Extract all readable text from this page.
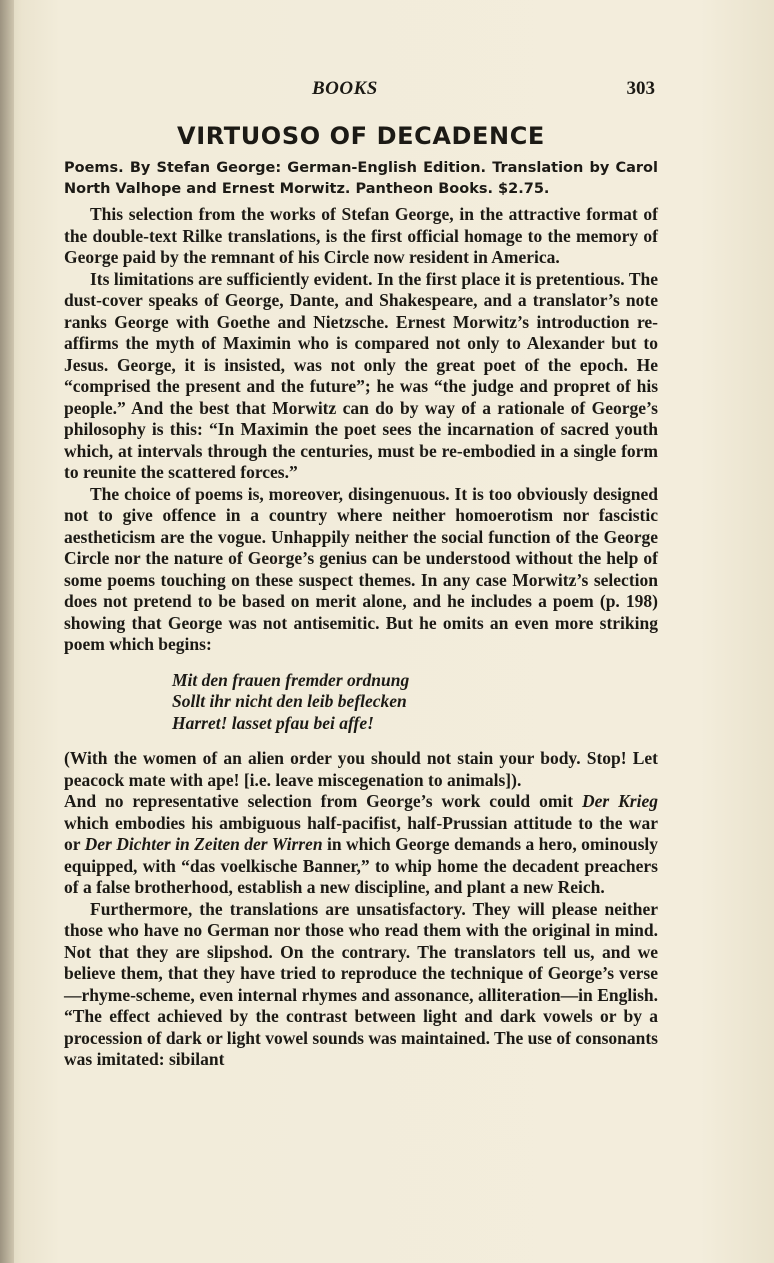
BOOKS	303
VIRTUOSO OF DECADENCE

Poems. By Stefan George: German-English Edition. Translation by Carol North Valhope and Ernest Morwitz. Pantheon Books. $2.75.

This selection from the works of Stefan George, in the attractive format of the double-text Rilke translations, is the first official homage to the memory of George paid by the remnant of his Circle now resident in America.

Its limitations are sufficiently evident. In the first place it is pretentious. The dust-cover speaks of George, Dante, and Shakespeare, and a translator’s note ranks George with Goethe and Nietzsche. Ernest Morwitz’s introduction re-affirms the myth of Maximin who is compared not only to Alexander but to Jesus. George, it is insisted, was not only the great poet of the epoch. He “comprised the present and the future”; he was “the judge and propret of his people.” And the best that Morwitz can do by way of a rationale of George’s philosophy is this: “In Maximin the poet sees the incarnation of sacred youth which, at intervals through the centuries, must be re-embodied in a single form to reunite the scattered forces.”

The choice of poems is, moreover, disingenuous. It is too obviously designed not to give offence in a country where neither homoerotism nor fascistic aestheticism are the vogue. Unhappily neither the social function of the George Circle nor the nature of George’s genius can be understood without the help of some poems touching on these suspect themes. In any case Morwitz’s selection does not pretend to be based on merit alone, and he includes a poem (p. 198) showing that George was not antisemitic. But he omits an even more striking poem which begins:

Mit den frauen fremder ordnung
Sollt ihr nicht den leib beflecken
Harret! lasset pfau bei affe!

(With the women of an alien order you should not stain your body. Stop! Let peacock mate with ape! [i.e. leave miscegenation to animals]).

And no representative selection from George’s work could omit Der Krieg which embodies his ambiguous half-pacifist, half-Prussian attitude to the war or Der Dichter in Zeiten der Wirren in which George demands a hero, ominously equipped, with “das voelkische Banner,” to whip home the decadent preachers of a false brotherhood, establish a new discipline, and plant a new Reich.

Furthermore, the translations are unsatisfactory. They will please neither those who have no German nor those who read them with the original in mind. Not that they are slipshod. On the contrary. The translators tell us, and we believe them, that they have tried to reproduce the technique of George’s verse—rhyme-scheme, even internal rhymes and assonance, alliteration—in English. “The effect achieved by the contrast between light and dark vowels or by a procession of dark or light vowel sounds was maintained. The use of consonants was imitated: sibilant
